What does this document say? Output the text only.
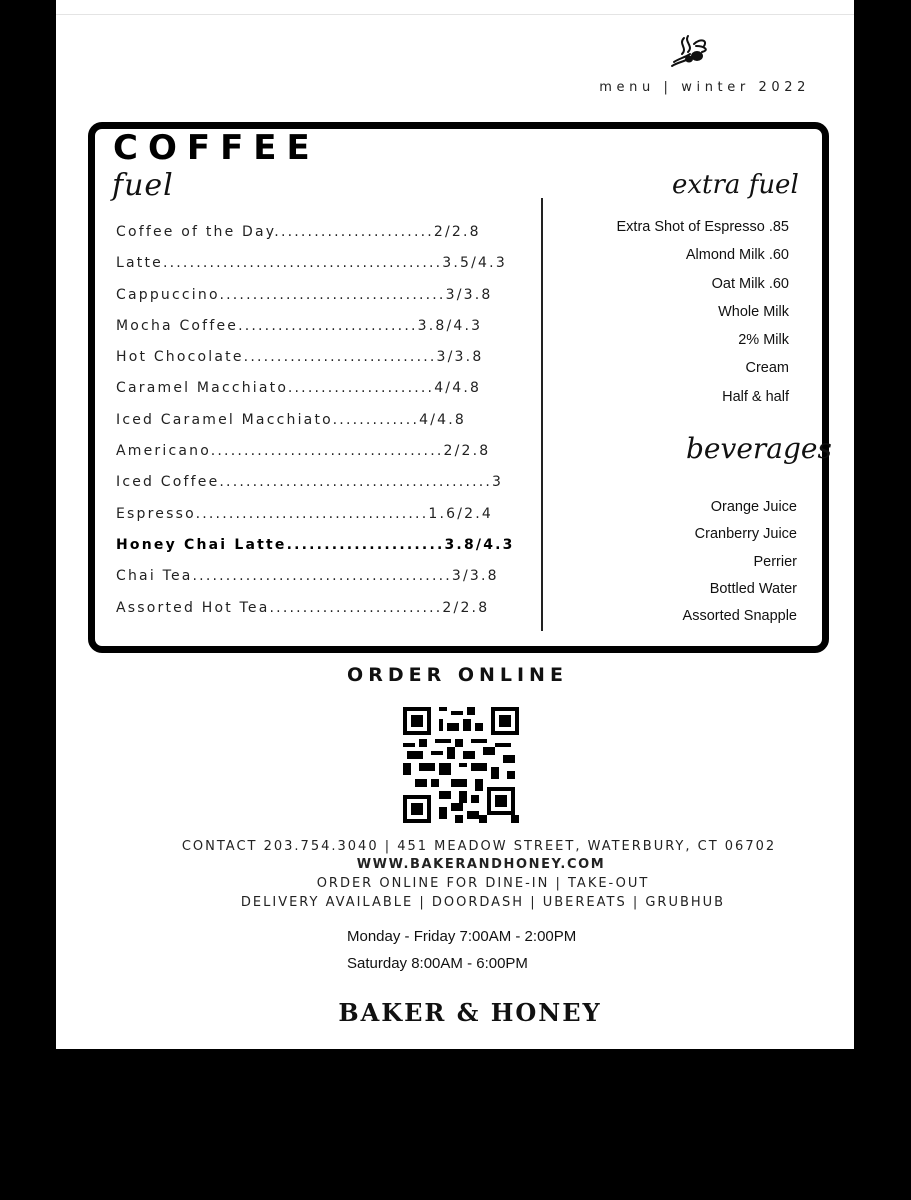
menu | winter 2022
COFFEE
fuel	extra fuel
beverages
Coffee of the Day........................2/2.8
Latte..........................................3.5/4.3
Cappuccino..................................3/3.8
Mocha Coffee...........................3.8/4.3
Hot Chocolate.............................3/3.8
Caramel Macchiato......................4/4.8
Iced Caramel Macchiato.............4/4.8
Americano...................................2/2.8
Iced Coffee.........................................3
Espresso...................................1.6/2.4
Honey Chai Latte.....................3.8/4.3
Chai Tea.......................................3/3.8
Assorted Hot Tea..........................2/2.8
Extra Shot of Espresso .85
Almond Milk .60
Oat Milk .60
Whole Milk
2% Milk
Cream
Half & half
Orange Juice
Cranberry Juice
Perrier
Bottled Water
Assorted Snapple
ORDER ONLINE
CONTACT 203.754.3040 | 451 MEADOW STREET, WATERBURY, CT 06702
WWW.BAKERANDHONEY.COM
ORDER ONLINE FOR DINE-IN | TAKE-OUT
DELIVERY AVAILABLE | DOORDASH | UBEREATS | GRUBHUB
Monday - Friday 7:00AM - 2:00PM
Saturday 8:00AM - 6:00PM
BAKER & HONEY
